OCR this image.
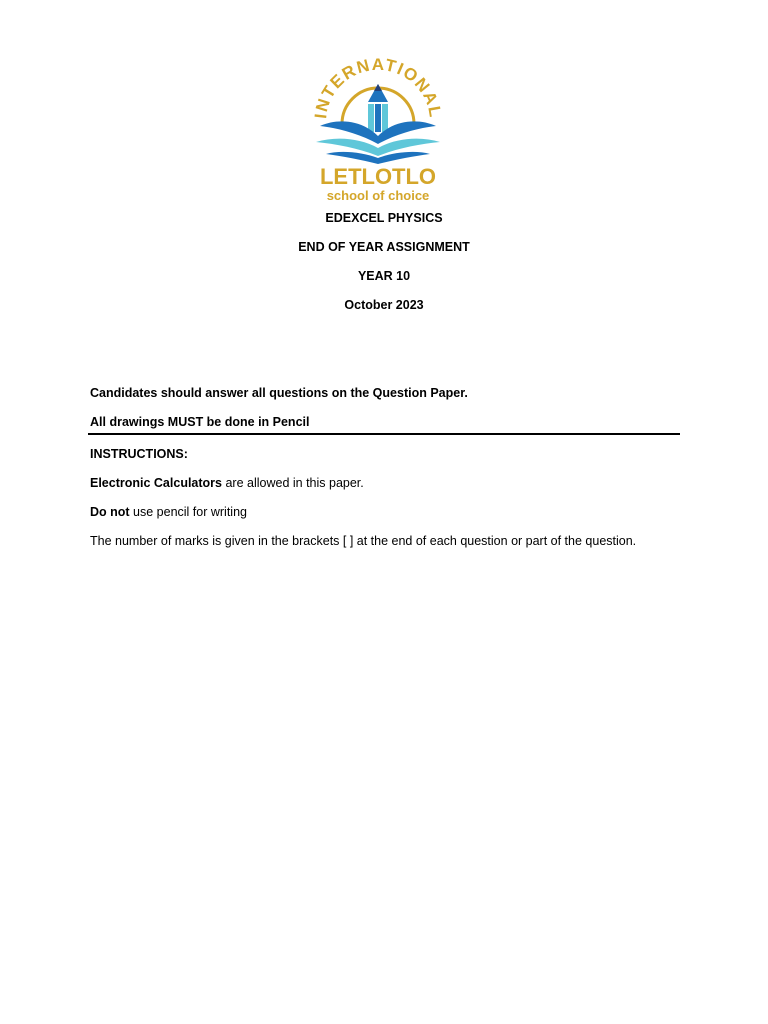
INTERNATIONAL
LETLOTLO
school of choice
EDEXCEL PHYSICS
END OF YEAR ASSIGNMENT
YEAR 10
October 2023
Candidates should answer all questions on the Question Paper.
All drawings MUST be done in Pencil
INSTRUCTIONS:
Electronic Calculators are allowed in this paper.
Do not use pencil for writing
The number of marks is given in the brackets [ ] at the end of each question or part of the question.
